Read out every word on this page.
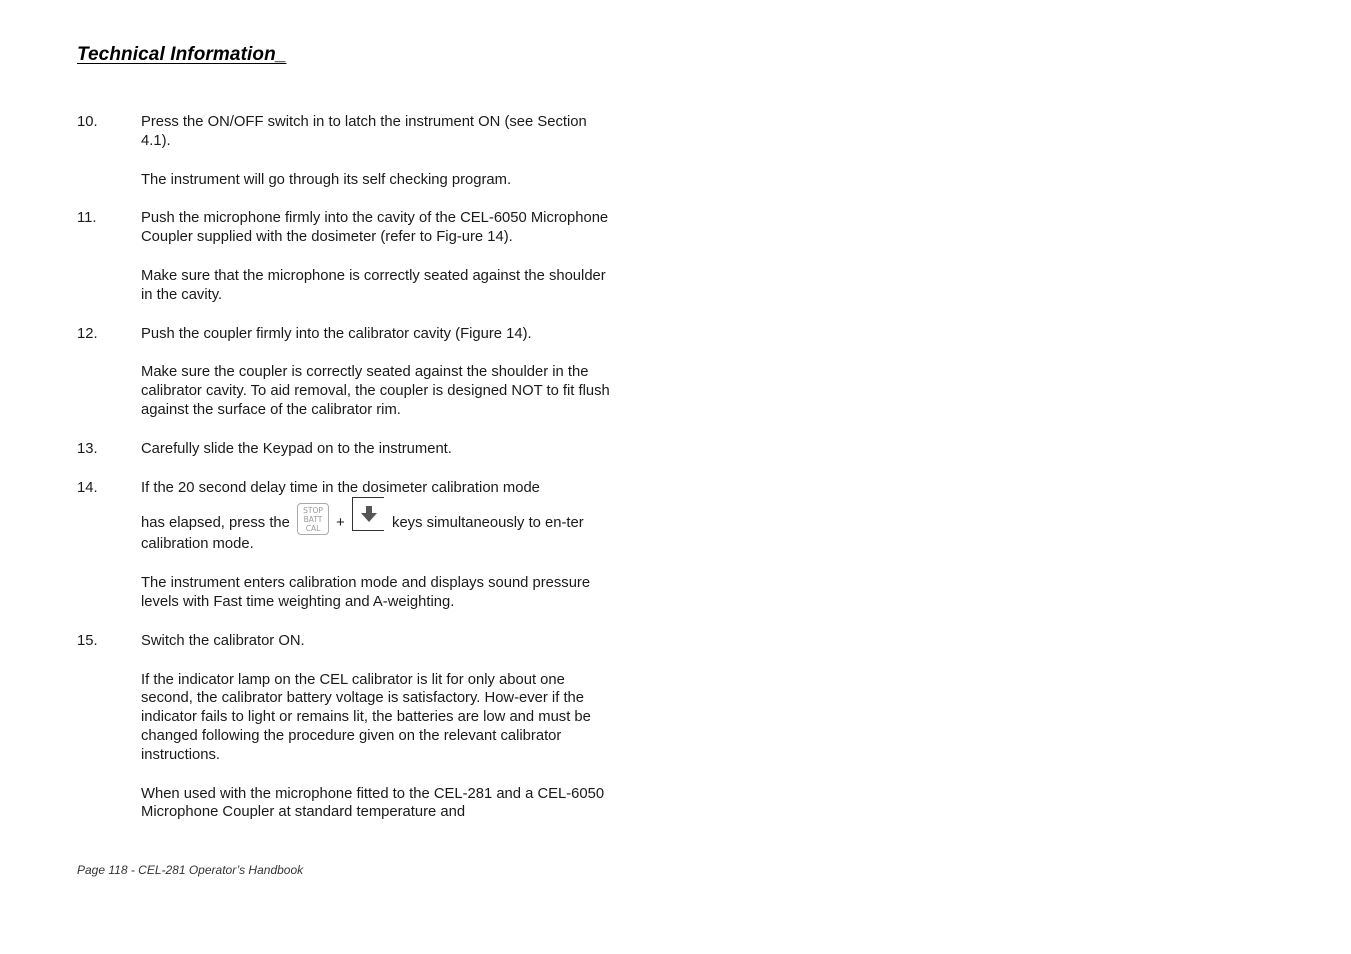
Technical Information_
10.	Press the ON/OFF switch in to latch the instrument ON (see Section 4.1).

The instrument will go through its self checking program.

11.	Push the microphone firmly into the cavity of the CEL-6050 Microphone Coupler supplied with the dosimeter (refer to Fig-ure 14).

Make sure that the microphone is correctly seated against the shoulder in the cavity.

12.	Push the coupler firmly into the calibrator cavity (Figure 14).

Make sure the coupler is correctly seated against the shoulder in the calibrator cavity. To aid removal, the coupler is designed NOT to fit flush against the surface of the calibrator rim.

13.	Carefully slide the Keypad on to the instrument.

14.	If the 20 second delay time in the dosimeter calibration mode

has elapsed, press the
STOP
BATT
CAL	+	keys simultaneously to en-ter calibration mode.

The instrument enters calibration mode and displays sound pressure levels with Fast time weighting and A-weighting.

15.	Switch the calibrator ON.

If the indicator lamp on the CEL calibrator is lit for only about one second, the calibrator battery voltage is satisfactory. How-ever if the indicator fails to light or remains lit, the batteries are low and must be changed following the procedure given on the relevant calibrator instructions.

When used with the microphone fitted to the CEL-281 and a CEL-6050 Microphone Coupler at standard temperature and

Page 118 - CEL-281 Operator’s Handbook
